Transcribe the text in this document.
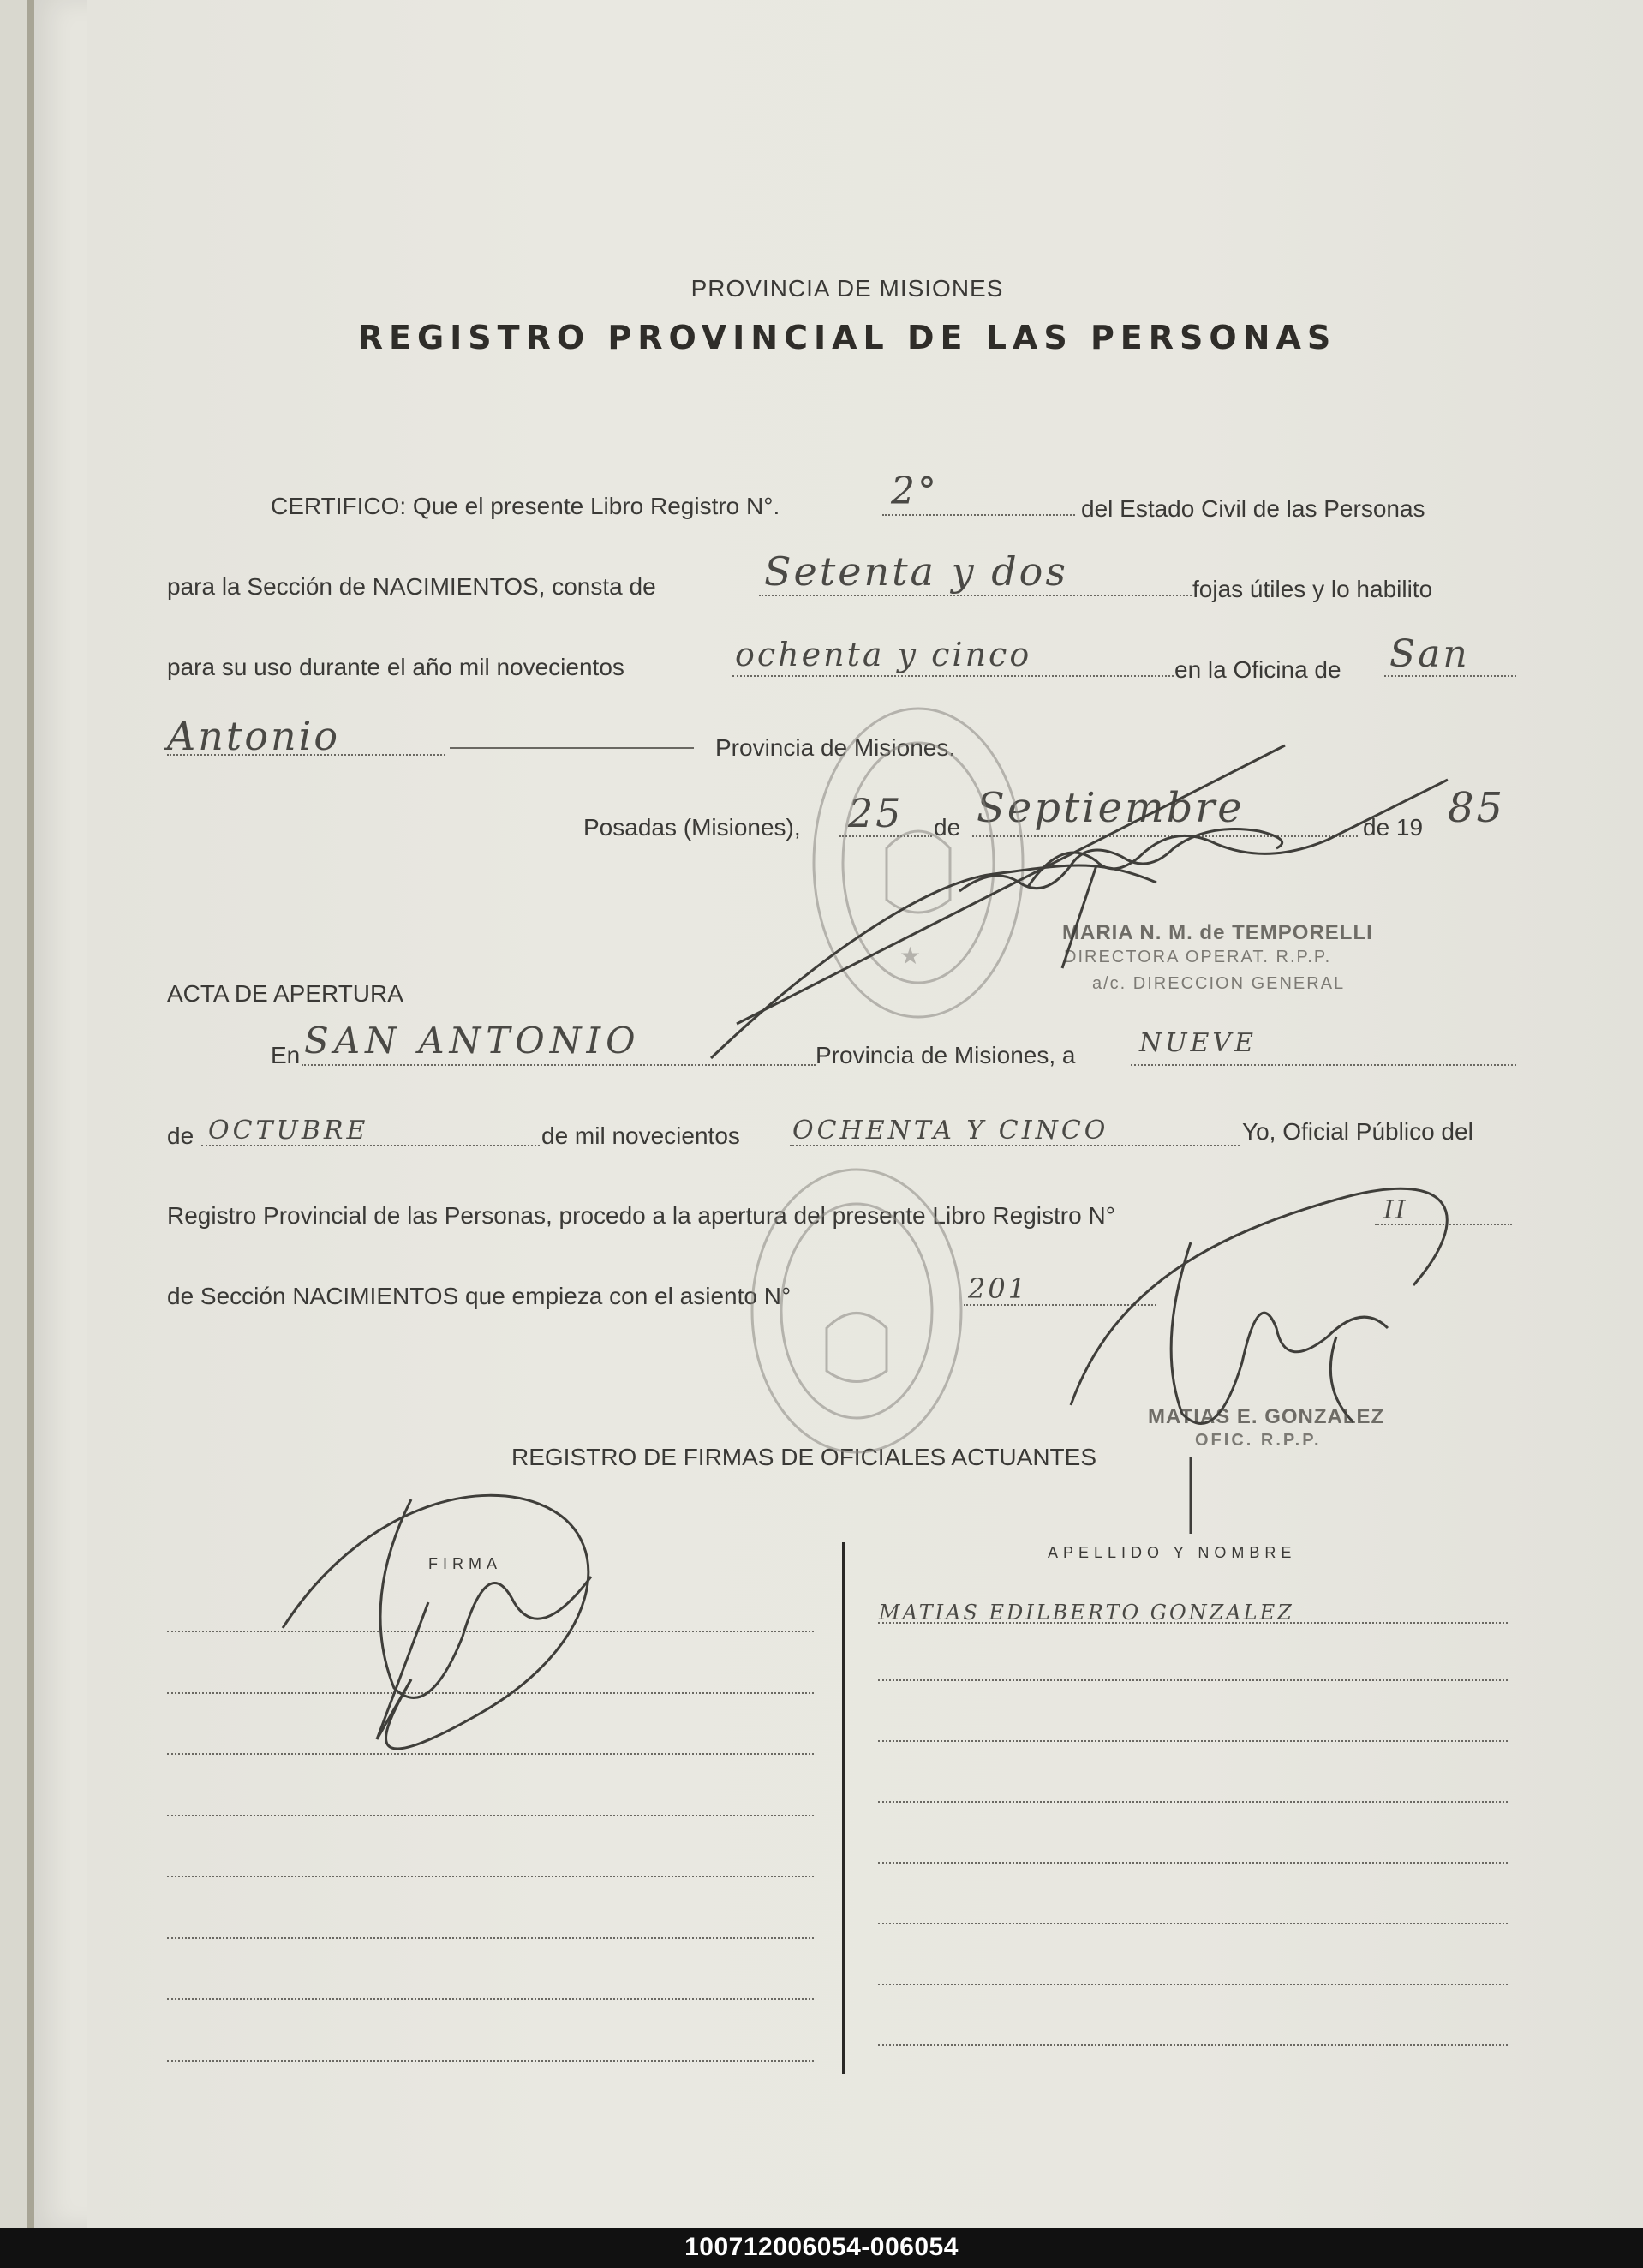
PROVINCIA DE MISIONES
REGISTRO PROVINCIAL DE LAS PERSONAS
CERTIFICO: Que el presente Libro Registro N°.	2°	del Estado Civil de las Personas
para la Sección de NACIMIENTOS, consta de	Setenta y dos	fojas útiles y lo habilito
para su uso durante el año mil novecientos	ochenta y cinco	en la Oficina de San
Antonio	Provincia de Misiones.
Posadas (Misiones), 25 de Septiembre	de 19 85
MARIA N. M. de TEMPORELLI
DIRECTORA OPERAT. R.P.P.
a/c. DIRECCION GENERAL
ACTA DE APERTURA
En SAN ANTONIO	Provincia de Misiones, a NUEVE
de OCTUBRE	de mil novecientos OCHENTA Y CINCO	Yo, Oficial Público del
Registro Provincial de las Personas, procedo a la apertura del presente Libro Registro N°	II
de Sección NACIMIENTOS que empieza con el asiento N°	201
MATIAS E. GONZALEZ
OFIC. R.P.P.
REGISTRO DE FIRMAS DE OFICIALES ACTUANTES
FIRMA
APELLIDO Y NOMBRE
MATIAS EDILBERTO GONZALEZ
★
100712006054-006054
